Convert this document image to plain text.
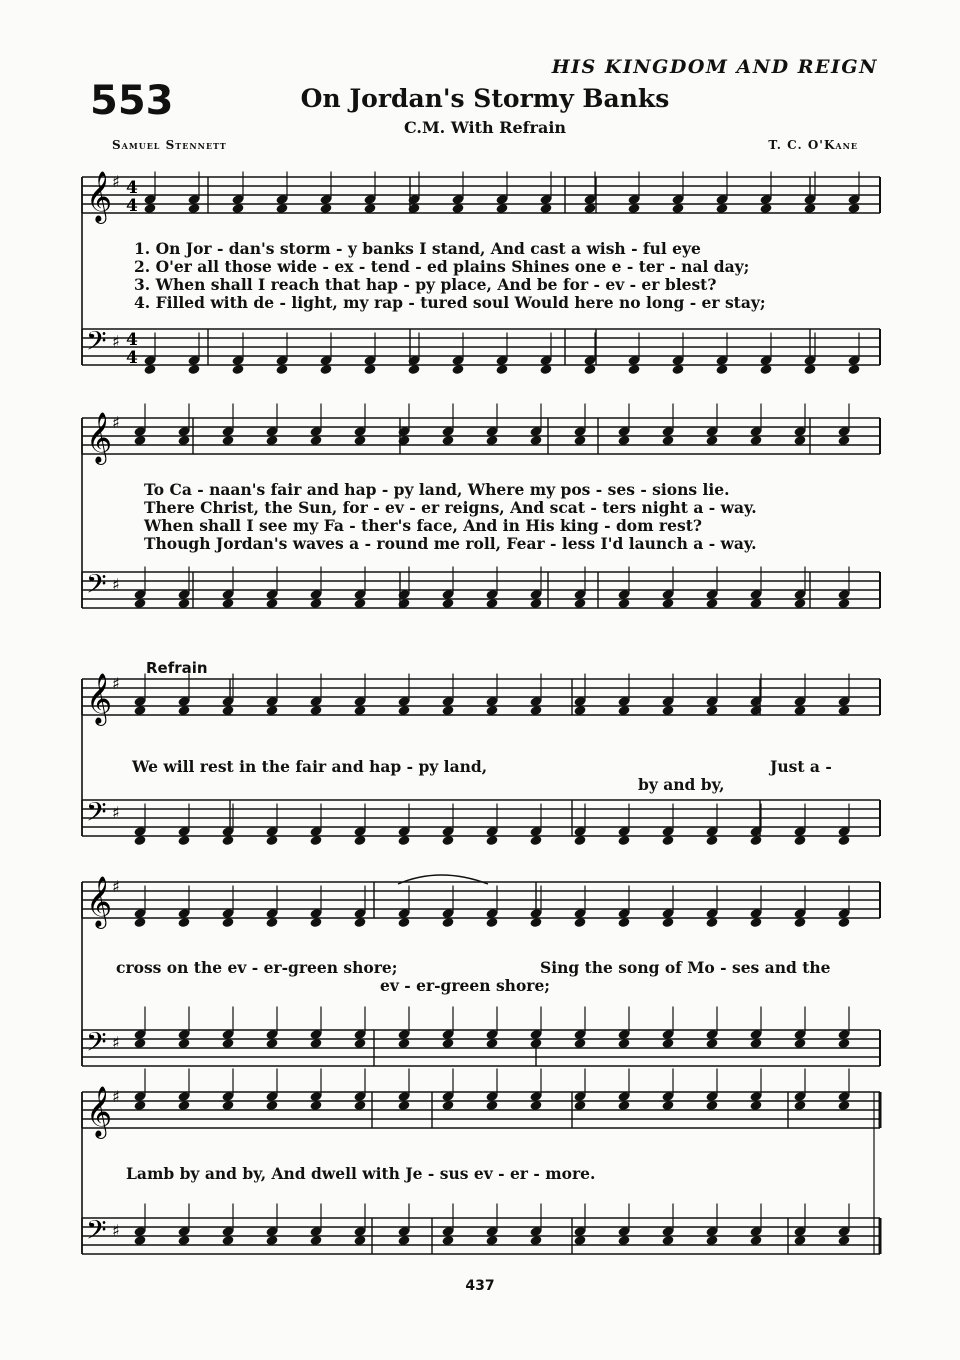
HIS KINGDOM AND REIGN
553	On Jordan's Stormy Banks
C.M. With Refrain
Samuel Stennett	T. C. O'Kane
𝄞 ♯ 4
4
𝄢 ♯ 4
4
𝄞 ♯
𝄢 ♯
𝄞 ♯
𝄢 ♯
𝄞 ♯
𝄢 ♯
𝄞 ♯
𝄢 ♯
1. On Jor - dan's storm - y banks I stand, And cast a wish - ful eye
2. O'er all those wide - ex - tend - ed plains Shines one e - ter - nal day;
3. When shall I reach that hap - py place, And be for - ev - er blest?
4. Filled with de - light, my rap - tured soul Would here no long - er stay;
To Ca - naan's fair and hap - py land, Where my pos - ses - sions lie.
There Christ, the Sun, for - ev - er reigns, And scat - ters night a - way.
When shall I see my Fa - ther's face, And in His king - dom rest?
Though Jordan's waves a - round me roll, Fear - less I'd launch a - way.
Refrain
We will rest in the fair and hap - py land,
by and by,
Just a -
cross on the ev - er-green shore;
ev - er-green shore;
Sing the song of Mo - ses and the
Lamb by and by, And dwell with Je - sus ev - er - more.
437
